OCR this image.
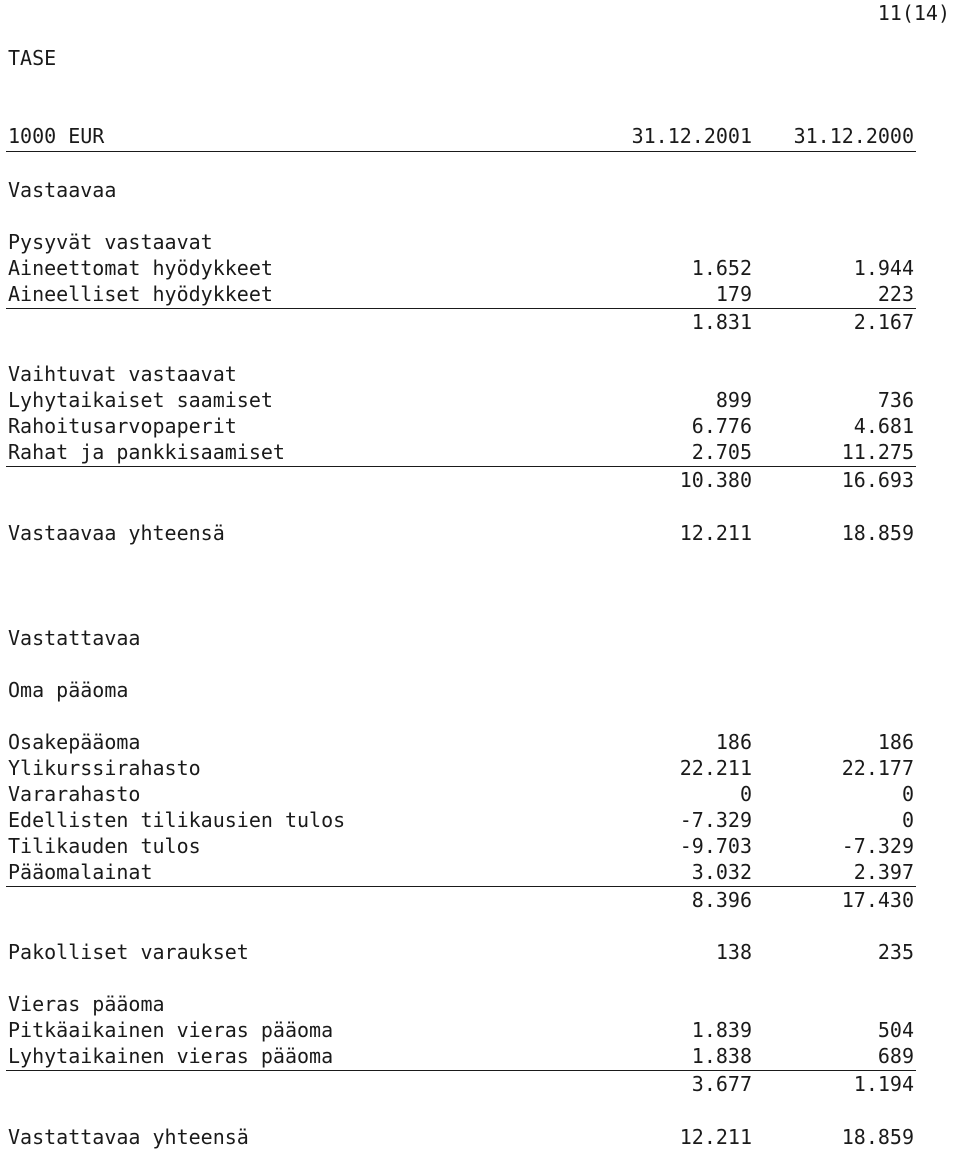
11(14)
TASE
1000 EUR	31.12.2001 31.12.2000
Vastaavaa
Pysyvät vastaavat
Aineettomat hyödykkeet	1.652	1.944
Aineelliset hyödykkeet	179	223
1.831	2.167
Vaihtuvat vastaavat
Lyhytaikaiset saamiset	899	736
Rahoitusarvopaperit	6.776	4.681
Rahat ja pankkisaamiset	2.705	11.275
10.380	16.693
Vastaavaa yhteensä	12.211	18.859
Vastattavaa
Oma pääoma
Osakepääoma	186	186
Ylikurssirahasto	22.211	22.177
Vararahasto	0	0
Edellisten tilikausien tulos	-7.329	0
Tilikauden tulos	-9.703	-7.329
Pääomalainat	3.032	2.397
8.396	17.430
Pakolliset varaukset	138	235
Vieras pääoma
Pitkäaikainen vieras pääoma	1.839	504
Lyhytaikainen vieras pääoma	1.838	689
3.677	1.194
Vastattavaa yhteensä	12.211	18.859
